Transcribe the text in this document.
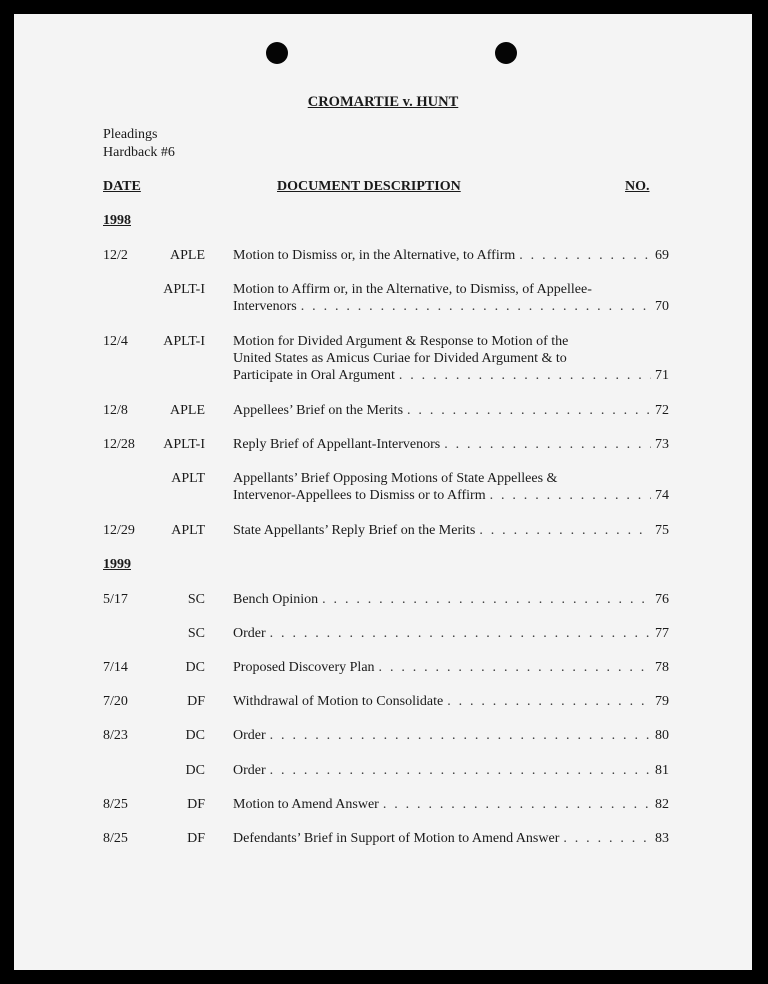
CROMARTIE v. HUNT
Pleadings
Hardback #6
DATE	DOCUMENT DESCRIPTION	NO.
1998
12/2	APLE Motion to Dismiss or, in the Alternative, to Affirm . . .	69
APLT-I Motion to Affirm or, in the Alternative, to Dismiss, of Appellee-
Intervenors . . .	70
12/4	APLT-I Motion for Divided Argument & Response to Motion of the
United States as Amicus Curiae for Divided Argument & to
Participate in Oral Argument . . .	71
12/8	APLE Appellees’ Brief on the Merits . . .	72
12/28	APLT-I Reply Brief of Appellant-Intervenors . . .	73
APLT Appellants’ Brief Opposing Motions of State Appellees &
Intervenor-Appellees to Dismiss or to Affirm . . .	74
12/29	APLT State Appellants’ Reply Brief on the Merits . . .	75
1999
5/17	SC Bench Opinion . . .	76
SC Order . . .	77
7/14	DC Proposed Discovery Plan . . .	78
7/20	DF Withdrawal of Motion to Consolidate . . .	79
8/23	DC Order . . .	80
DC Order . . .	81
8/25	DF Motion to Amend Answer . . .	82
8/25	DF Defendants’ Brief in Support of Motion to Amend Answer . . .	83
